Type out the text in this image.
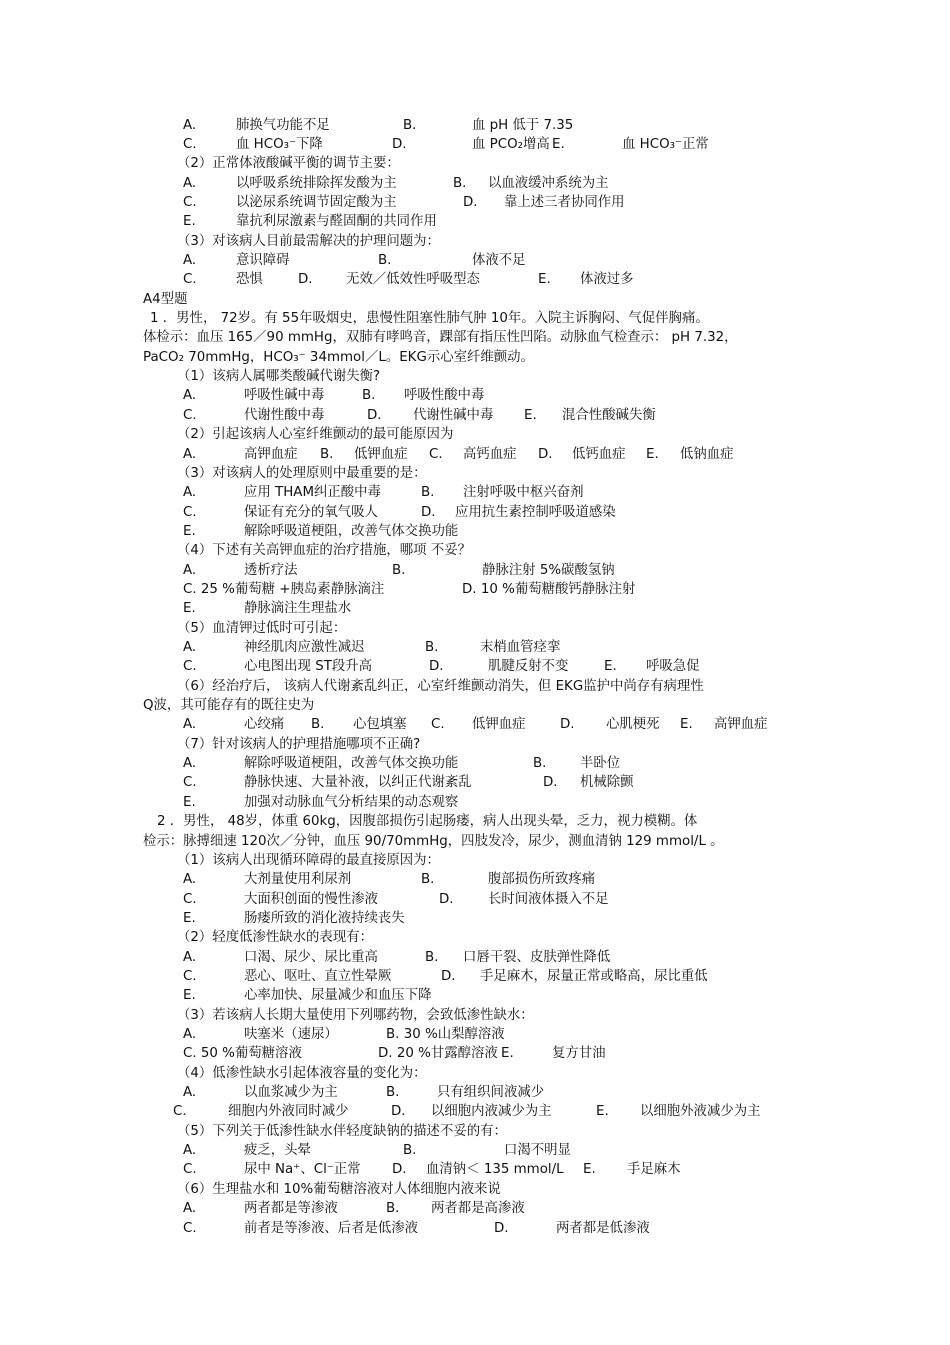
A.	肺换气功能不足	B.	血 pH 低于 7.35
C.	血 HCO₃⁻下降	D.	血 PCO₂增高 E.	血 HCO₃⁻正常
（2）正常体液酸碱平衡的调节主要：
A.	以呼吸系统排除挥发酸为主	B. 以血液缓冲系统为主
C.	以泌尿系统调节固定酸为主	D. 靠上述三者协同作用
E.	靠抗利尿激素与醛固酮的共同作用
（3）对该病人目前最需解决的护理问题为：
A.	意识障碍	B.	体液不足
C.	恐惧	D. 无效／低效性呼吸型态	E. 体液过多
A4型题
1 ．男性， 72岁。有 55年吸烟史，患慢性阻塞性肺气肿 10年。入院主诉胸闷、气促伴胸痛。
体检示：血压 165／90 mmHg，双肺有哮鸣音，踝部有指压性凹陷。动脉血气检查示： pH 7.32，
PaCO₂ 70mmHg，HCO₃⁻ 34mmol／L。EKG示心室纤维颤动。
（1）该病人属哪类酸碱代谢失衡?
A.	呼吸性碱中毒	B. 呼吸性酸中毒
C.	代谢性酸中毒	D. 代谢性碱中毒 E. 混合性酸碱失衡
（2）引起该病人心室纤维颤动的最可能原因为
A.	高钾血症 B. 低钾血症 C. 高钙血症 D. 低钙血症 E. 低钠血症
（3）对该病人的处理原则中最重要的是：
A.	应用 THAM纠正酸中毒	B. 注射呼吸中枢兴奋剂
C.	保证有充分的氧气吸人	D. 应用抗生素控制呼吸道感染
E.	解除呼吸道梗阻，改善气体交换功能
（4）下述有关高钾血症的治疗措施，哪项 不妥？
A.	透析疗法	B.	静脉注射 5%碳酸氢钠
C. 25 %葡萄糖 +胰岛素静脉滴注	D. 10 %葡萄糖酸钙静脉注射
E.	静脉滴注生理盐水
（5）血清钾过低时可引起：
A.	神经肌肉应激性减迟	B.	末梢血管痉挛
C.	心电图出现 ST段升高	D.	肌腱反射不变	E. 呼吸急促
（6）经治疗后， 该病人代谢紊乱纠正，心室纤维颤动消失，但 EKG监护中尚存有病理性
Q波，其可能存有的既往史为
A.	心绞痛 B. 心包填塞 C. 低钾血症	D. 心肌梗死 E. 高钾血症
（7）针对该病人的护理措施哪项不正确?
A.	解除呼吸道梗阻，改善气体交换功能	B.	半卧位
C.	静脉快速、大量补液，以纠正代谢紊乱	D. 机械除颤
E.	加强对动脉血气分析结果的动态观察
2 ．男性， 48岁，体重 60kg，因腹部损伤引起肠瘘，病人出现头晕，乏力，视力模糊。体
检示：脉搏细速 120次／分钟，血压 90/70mmHg，四肢发冷，尿少，测血清钠 129 mmol/L 。
（1）该病人出现循环障碍的最直接原因为：
A.	大剂量使用利尿剂	B.	腹部损伤所致疼痛
C.	大面积创面的慢性渗液	D.	长时间液体摄入不足
E.	肠瘘所致的消化液持续丧失
（2）轻度低渗性缺水的表现有：
A.	口渴、尿少、尿比重高	B. 口唇干裂、皮肤弹性降低
C.	恶心、呕吐、直立性晕厥	D. 手足麻木，尿量正常或略高，尿比重低
E.	心率加快、尿量减少和血压下降
（3）若该病人长期大量使用下列哪药物，会致低渗性缺水：
A.	呋塞米（速尿）	B. 30 %山梨醇溶液
C. 50 %葡萄糖溶液	D. 20 %甘露醇溶液 E.	复方甘油
（4）低渗性缺水引起体液容量的变化为：
A.	以血浆减少为主	B.	只有组织间液减少
C.	细胞内外液同时减少	D. 以细胞内液减少为主	E. 以细胞外液减少为主
（5）下列关于低渗性缺水伴轻度缺钠的描述不妥的有：
A.	疲乏，头晕	B.	口渴不明显
C.	尿中 Na⁺、Cl⁻正常 D. 血清钠＜ 135 mmol/L E. 手足麻木
（6）生理盐水和 10%葡萄糖溶液对人体细胞内液来说
A.	两者都是等渗液	B. 两者都是高渗液
C.	前者是等渗液、后者是低渗液	D.	两者都是低渗液
